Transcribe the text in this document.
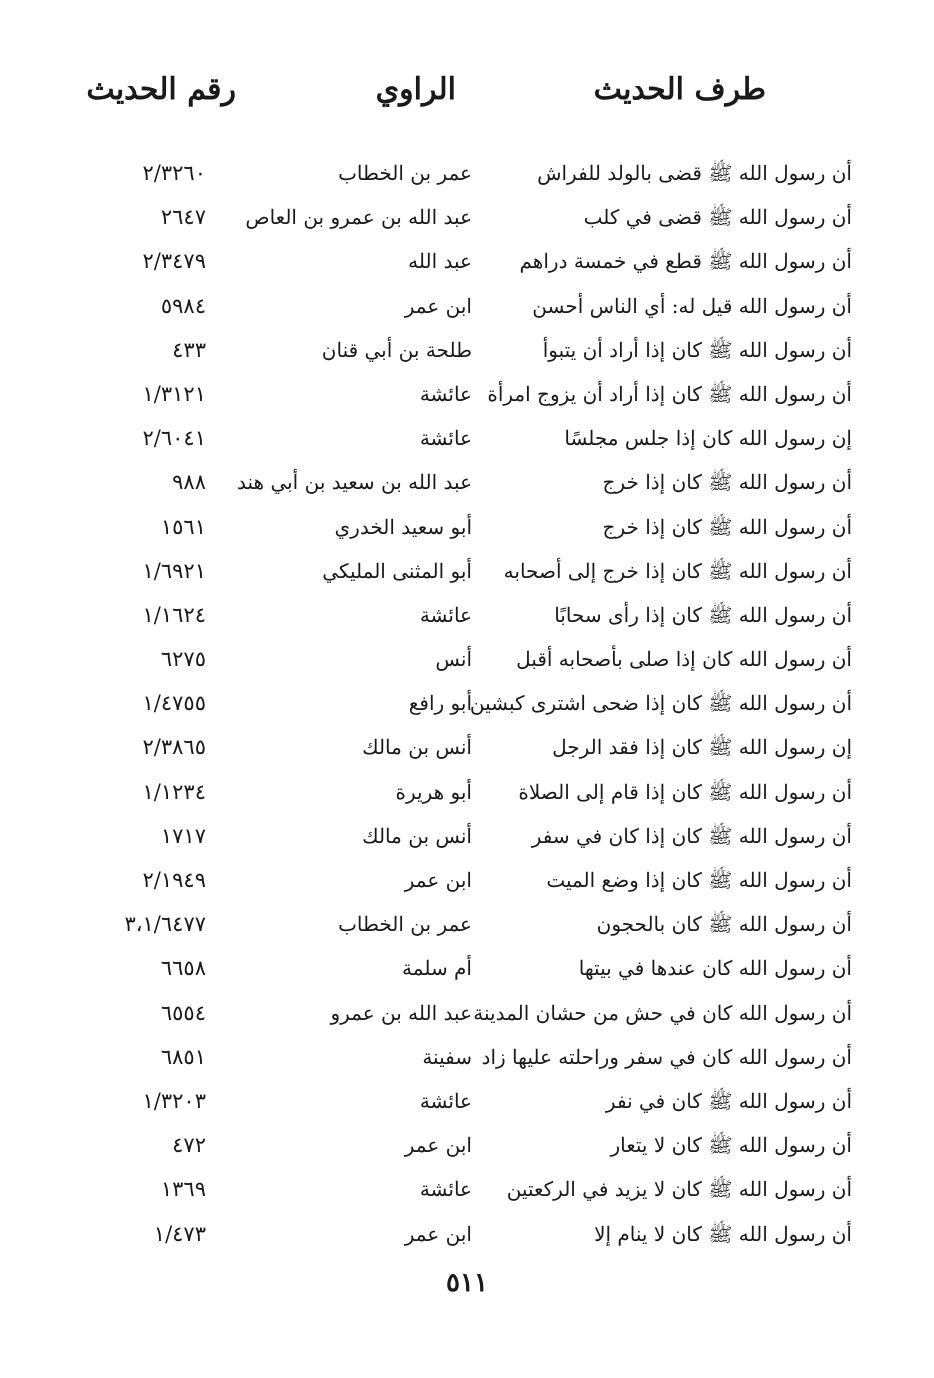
طرف الحديث
الراوي
رقم الحديث
أن رسول الله ﷺ قضى بالولد للفراش
عمر بن الخطاب
٢/٣٢٦٠
أن رسول الله ﷺ قضى في كلب
عبد الله بن عمرو بن العاص
٢٦٤٧
أن رسول الله ﷺ قطع في خمسة دراهم
عبد الله
٢/٣٤٧٩
أن رسول الله قيل له: أي الناس أحسن
ابن عمر
٥٩٨٤
أن رسول الله ﷺ كان إذا أراد أن يتبوأ
طلحة بن أبي قنان
٤٣٣
أن رسول الله ﷺ كان إذا أراد أن يزوج امرأة
عائشة
١/٣١٢١
إن رسول الله كان إذا جلس مجلسًا
عائشة
٢/٦٠٤١
أن رسول الله ﷺ كان إذا خرج
عبد الله بن سعيد بن أبي هند
٩٨٨
أن رسول الله ﷺ كان إذا خرج
أبو سعيد الخدري
١٥٦١
أن رسول الله ﷺ كان إذا خرج إلى أصحابه
أبو المثنى المليكي
١/٦٩٢١
أن رسول الله ﷺ كان إذا رأى سحابًا
عائشة
١/١٦٢٤
أن رسول الله كان إذا صلى بأصحابه أقبل
أنس
٦٢٧٥
أن رسول الله ﷺ كان إذا ضحى اشترى كبشين
أبو رافع
١/٤٧٥٥
إن رسول الله ﷺ كان إذا فقد الرجل
أنس بن مالك
٢/٣٨٦٥
أن رسول الله ﷺ كان إذا قام إلى الصلاة
أبو هريرة
١/١٢٣٤
أن رسول الله ﷺ كان إذا كان في سفر
أنس بن مالك
١٧١٧
أن رسول الله ﷺ كان إذا وضع الميت
ابن عمر
٢/١٩٤٩
أن رسول الله ﷺ كان بالحجون
عمر بن الخطاب
٣،١/٦٤٧٧
أن رسول الله كان عندها في بيتها
أم سلمة
٦٦٥٨
أن رسول الله كان في حش من حشان المدينة
عبد الله بن عمرو
٦٥٥٤
أن رسول الله كان في سفر وراحلته عليها زاد
سفينة
٦٨٥١
أن رسول الله ﷺ كان في نفر
عائشة
١/٣٢٠٣
أن رسول الله ﷺ كان لا يتعار
ابن عمر
٤٧٢
أن رسول الله ﷺ كان لا يزيد في الركعتين
عائشة
١٣٦٩
أن رسول الله ﷺ كان لا ينام إلا
ابن عمر
١/٤٧٣
٥١١
